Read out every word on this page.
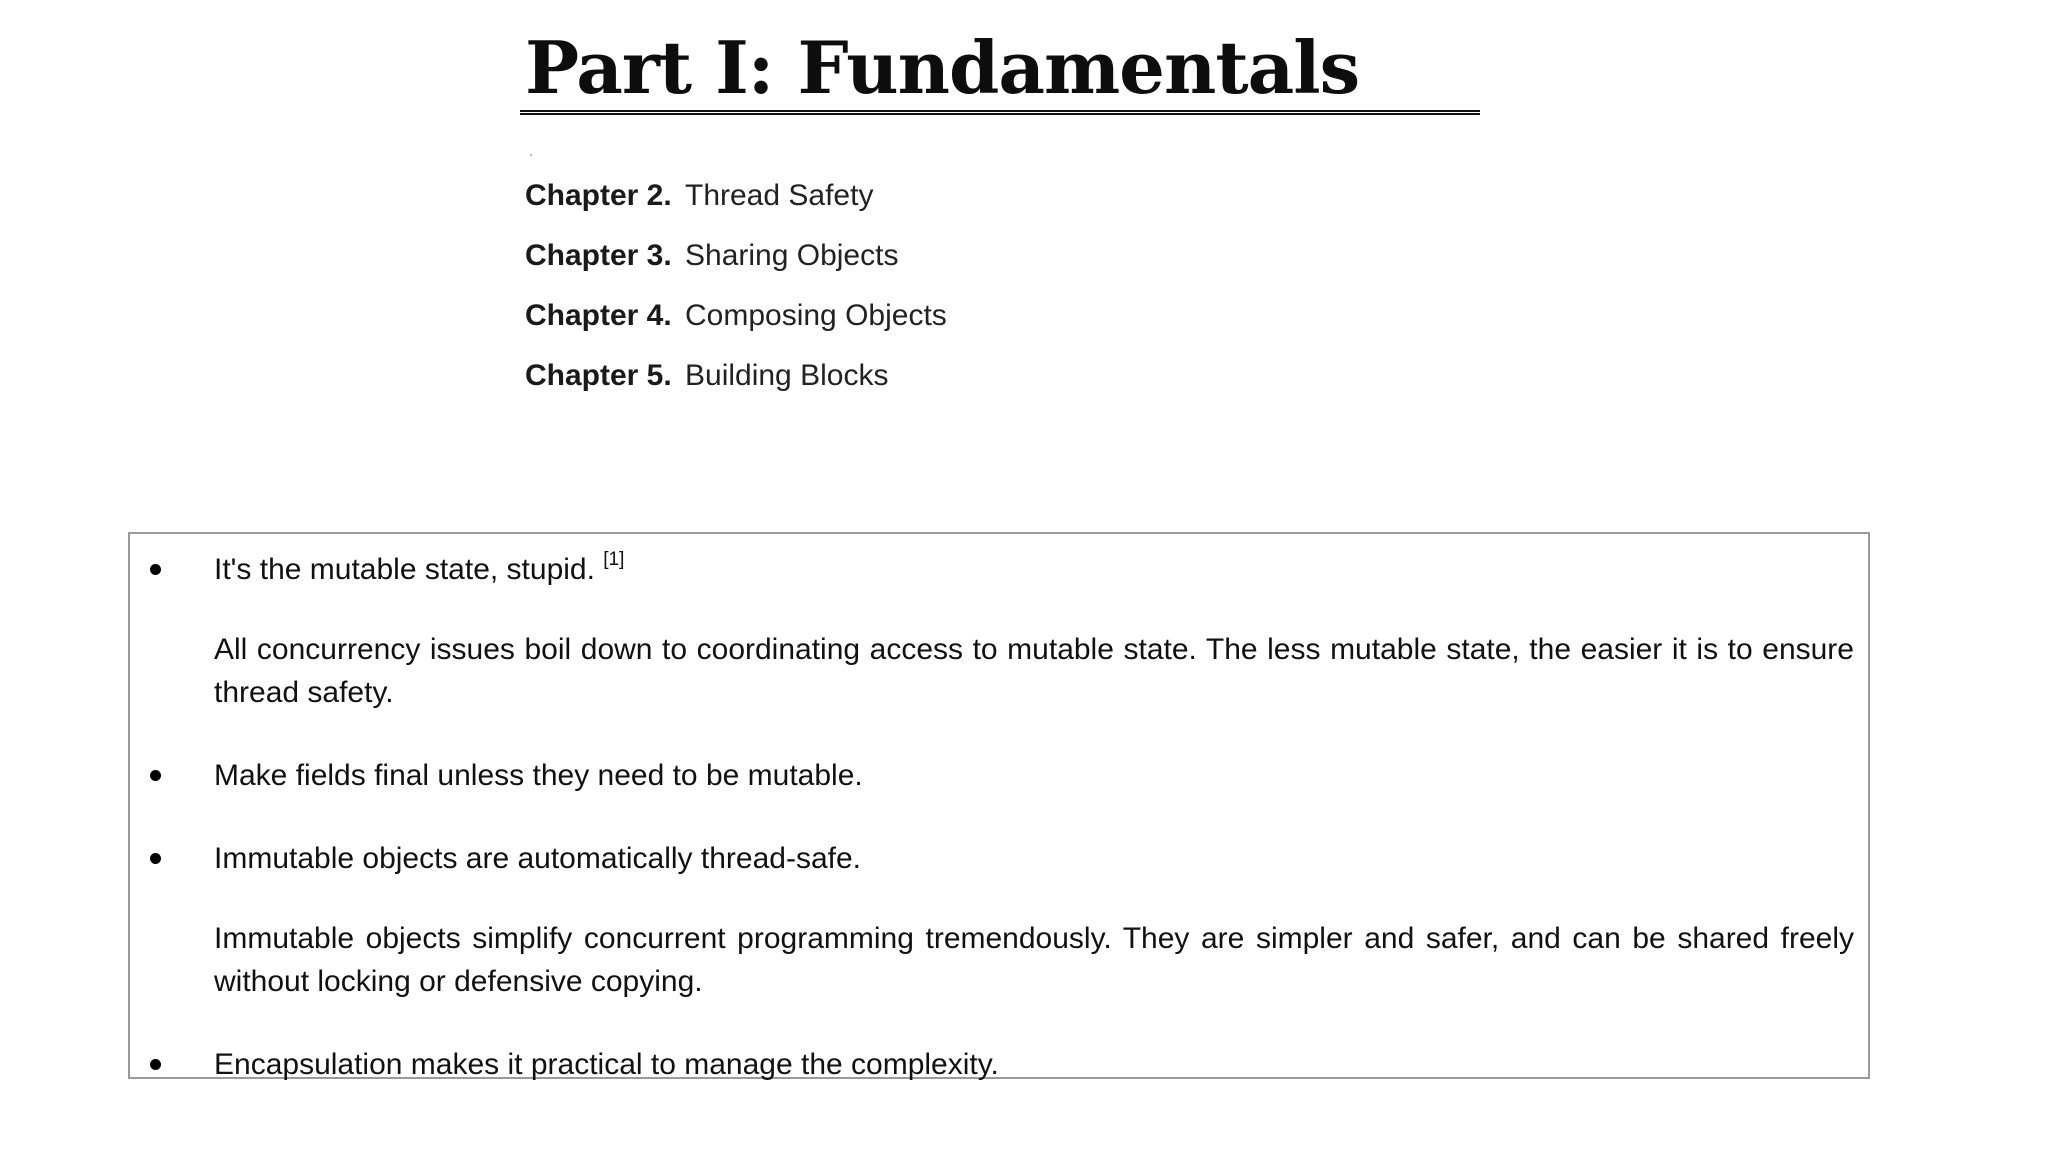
Part I: Fundamentals
Chapter 2. Thread Safety
Chapter 3. Sharing Objects
Chapter 4. Composing Objects
Chapter 5. Building Blocks

It's the mutable state, stupid. [1]

All concurrency issues boil down to coordinating access to mutable state. The less mutable state, the easier it is to ensure thread safety.

Make fields final unless they need to be mutable.

Immutable objects are automatically thread-safe.

Immutable objects simplify concurrent programming tremendously. They are simpler and safer, and can be shared freely without locking or defensive copying.

Encapsulation makes it practical to manage the complexity.
